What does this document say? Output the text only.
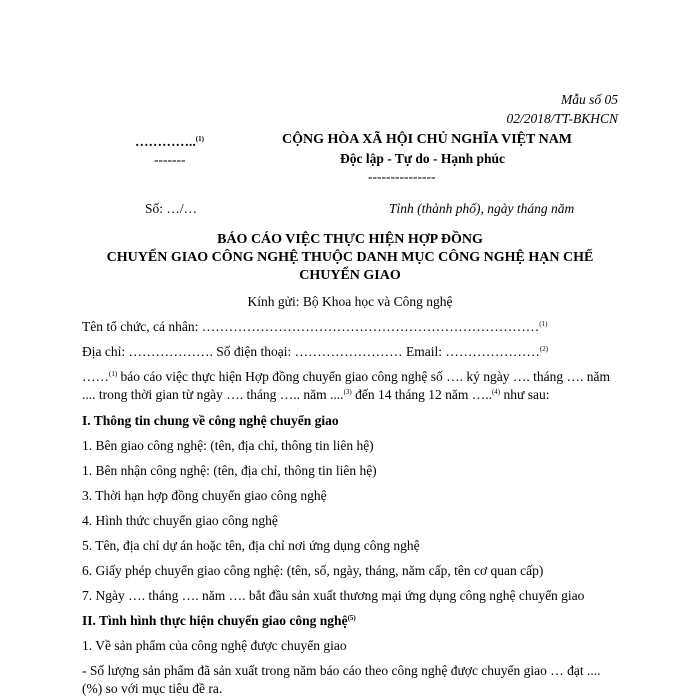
Mẫu số 05
02/2018/TT-BKHCN
…………..$^{(1)}$
-------
Số: …/…
CỘNG HÒA XÃ HỘI CHỦ NGHĨA VIỆT NAM
Độc lập - Tự do - Hạnh phúc
---------------
Tỉnh (thành phố), ngày tháng năm
BÁO CÁO VIỆC THỰC HIỆN HỢP ĐỒNG
CHUYỂN GIAO CÔNG NGHỆ THUỘC DANH MỤC CÔNG NGHỆ HẠN CHẾ
CHUYỂN GIAO
Kính gửi: Bộ Khoa học và Công nghệ
Tên tổ chức, cá nhân: …………………………………………………………………$^{(1)}$
Địa chỉ: ………………. Số điện thoại: …………………… Email: …………………$^{(2)}$
……$^{(1)}$ báo cáo việc thực hiện Hợp đồng chuyển giao công nghệ số …. ký ngày …. tháng …. năm
.... trong thời gian từ ngày …. tháng ….. năm ....$^{(3)}$ đến 14 tháng 12 năm …..$^{(4)}$ như sau:
I. Thông tin chung về công nghệ chuyển giao
1. Bên giao công nghệ: (tên, địa chỉ, thông tin liên hệ)
1. Bên nhận công nghệ: (tên, địa chỉ, thông tin liên hệ)
3. Thời hạn hợp đồng chuyển giao công nghệ
4. Hình thức chuyển giao công nghệ
5. Tên, địa chỉ dự án hoặc tên, địa chỉ nơi ứng dụng công nghệ
6. Giấy phép chuyển giao công nghệ: (tên, số, ngày, tháng, năm cấp, tên cơ quan cấp)
7. Ngày …. tháng …. năm …. bắt đầu sản xuất thương mại ứng dụng công nghệ chuyển giao
II. Tình hình thực hiện chuyển giao công nghệ$^{(5)}$
1. Về sản phẩm của công nghệ được chuyển giao
- Số lượng sản phẩm đã sản xuất trong năm báo cáo theo công nghệ được chuyển giao … đạt ....
(%) so với mục tiêu đề ra.
